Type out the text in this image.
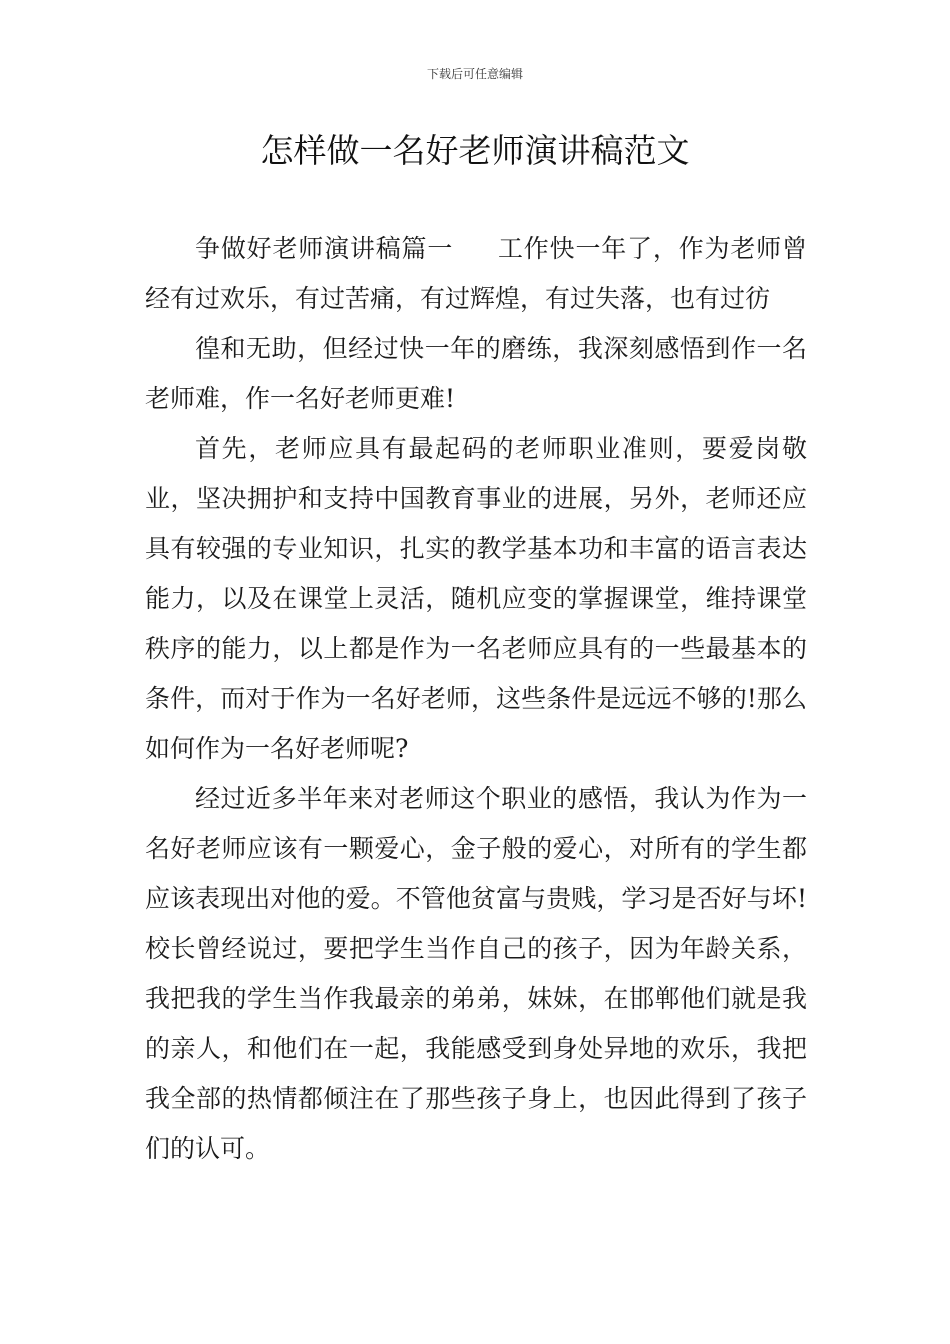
下载后可任意编辑
怎样做一名好老师演讲稿范文

争做好老师演讲稿篇一 工作快一年了，作为老师曾经有过欢乐，有过苦痛，有过辉煌，有过失落，也有过彷

徨和无助，但经过快一年的磨练，我深刻感悟到作一名老师难，作一名好老师更难!

首先，老师应具有最起码的老师职业准则，要爱岗敬业，坚决拥护和支持中国教育事业的进展，另外，老师还应具有较强的专业知识，扎实的教学基本功和丰富的语言表达能力，以及在课堂上灵活，随机应变的掌握课堂，维持课堂秩序的能力，以上都是作为一名老师应具有的一些最基本的条件，而对于作为一名好老师，这些条件是远远不够的!那么如何作为一名好老师呢?

经过近多半年来对老师这个职业的感悟，我认为作为一名好老师应该有一颗爱心，金子般的爱心，对所有的学生都应该表现出对他的爱。不管他贫富与贵贱，学习是否好与坏!校长曾经说过，要把学生当作自己的孩子，因为年龄关系，我把我的学生当作我最亲的弟弟，妹妹，在邯郸他们就是我的亲人，和他们在一起，我能感受到身处异地的欢乐，我把我全部的热情都倾注在了那些孩子身上，也因此得到了孩子们的认可。
